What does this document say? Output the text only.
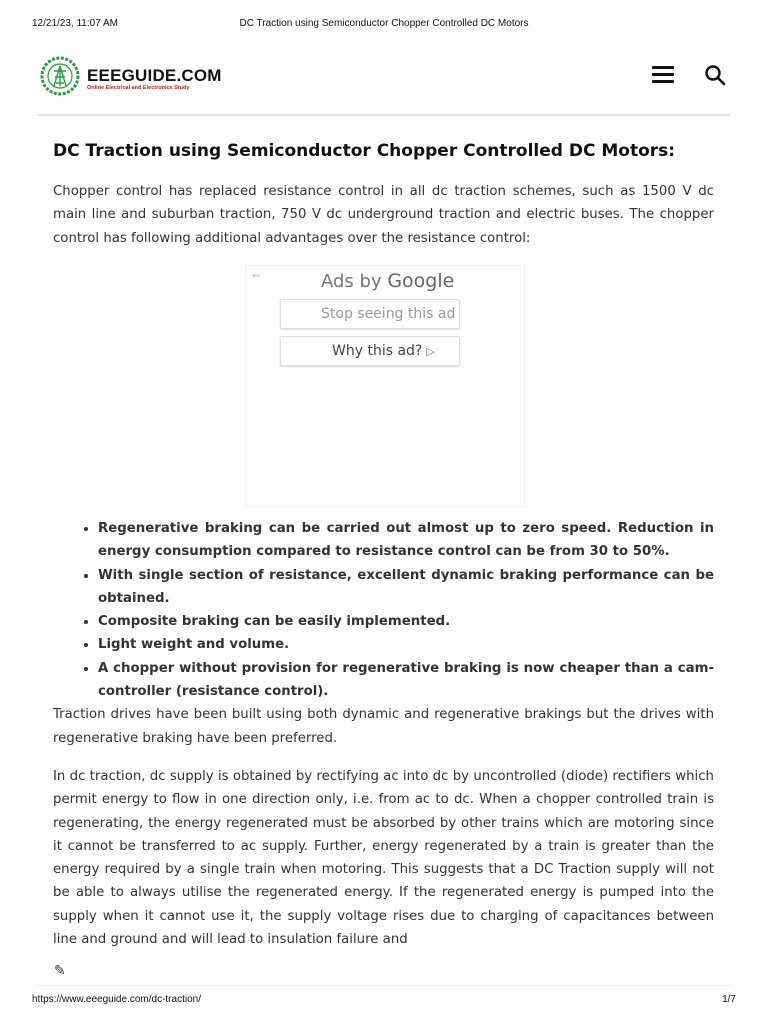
12/21/23, 11:07 AM	DC Traction using Semiconductor Chopper Controlled DC Motors
EEEGUIDE.COM
Online Electrical and Electronics Study
DC Traction using Semiconductor Chopper Controlled DC Motors:

Chopper control has replaced resistance control in all dc traction schemes, such as 1500 V dc main line and suburban traction, 750 V dc underground traction and electric buses. The chopper control has following additional advantages over the resistance control:

←	Ads by Google
Stop seeing this ad
Why this ad? ▷
• Regenerative braking can be carried out almost up to zero speed. Reduction in energy consumption compared to resistance control can be from 30 to 50%.
• With single section of resistance, excellent dynamic braking performance can be obtained.
• Composite braking can be easily implemented.
• Light weight and volume.
• A chopper without provision for regenerative braking is now cheaper than a cam-controller (resistance control).

Traction drives have been built using both dynamic and regenerative brakings but the drives with regenerative braking have been preferred.

In dc traction, dc supply is obtained by rectifying ac into dc by uncontrolled (diode) rectifiers which permit energy to flow in one direction only, i.e. from ac to dc. When a chopper controlled train is regenerating, the energy regenerated must be absorbed by other trains which are motoring since it cannot be transferred to ac supply. Further, energy regenerated by a train is greater than the energy required by a single train when motoring. This suggests that a DC Traction supply will not be able to always utilise the regenerated energy. If the regenerated energy is pumped into the supply when it cannot use it, the supply voltage rises due to charging of capacitances between line and ground and will lead to insulation failure and

✎
https://www.eeeguide.com/dc-traction/	1/7
